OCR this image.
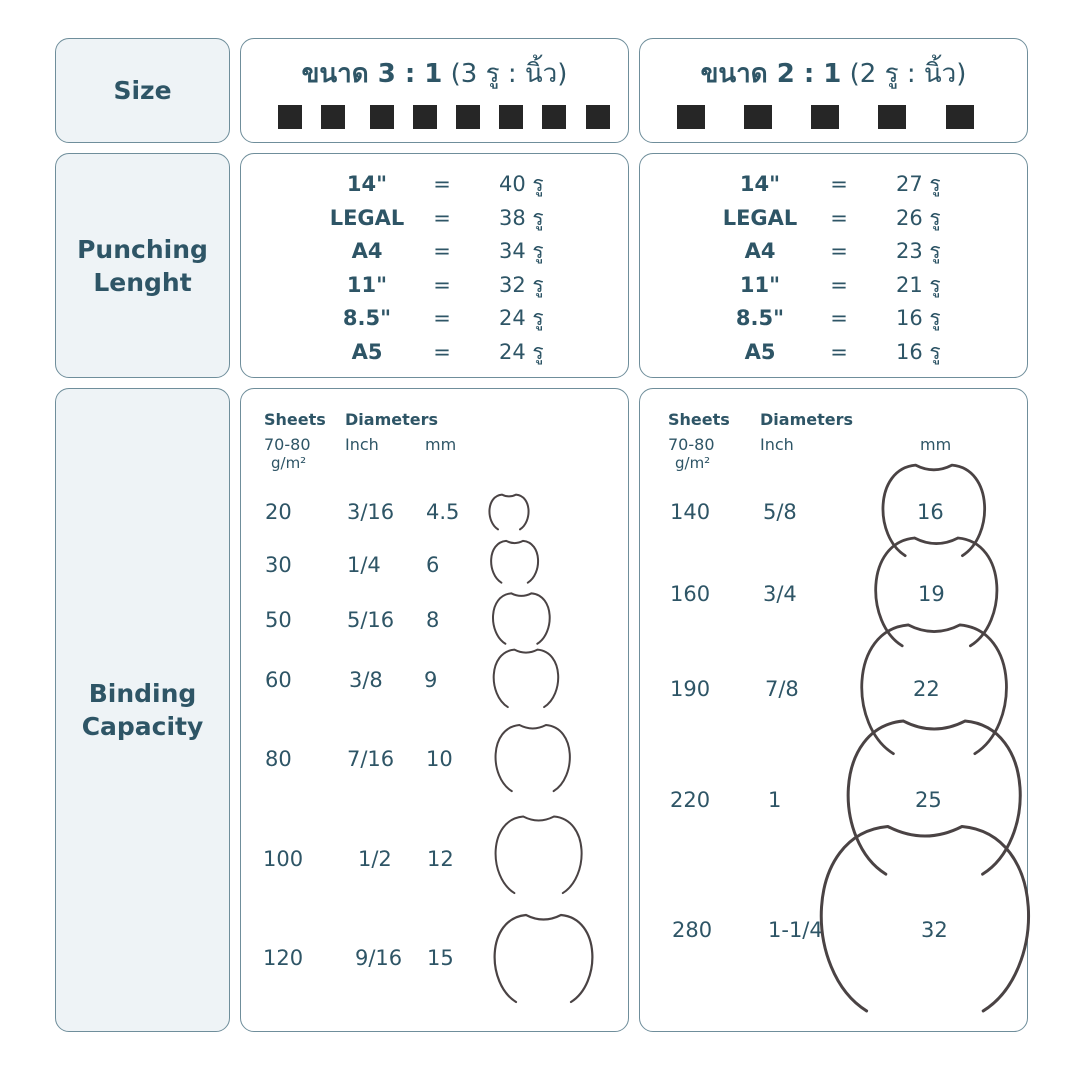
Size
Punching
Lenght
Binding
Capacity
ขนาด 3 : 1 (3 รู : นิ้ว)	ขนาด 2 : 1 (2 รู : นิ้ว)
14" = 40 รู
LEGAL = 38 รู
A4 = 34 รู
11" = 32 รู
8.5" = 24 รู
A5 = 24 รู
14" = 27 รู
LEGAL = 26 รู
A4	= 23 รู
11" = 21 รู
8.5" = 16 รู
A5	= 16 รู
Sheets Diameters
70-80
g/m²
Inch	mm
20	3/16 4.5
30	1/4 6
50	5/16 8
60	3/8 9
80	7/16 10
100	1/2 12
120 9/16 15
Sheets Diameters
70-80
g/m²
Inch	mm
140	5/8	16
160	3/4	19
190	7/8	22
220	1	25
280	1-1/4	32
